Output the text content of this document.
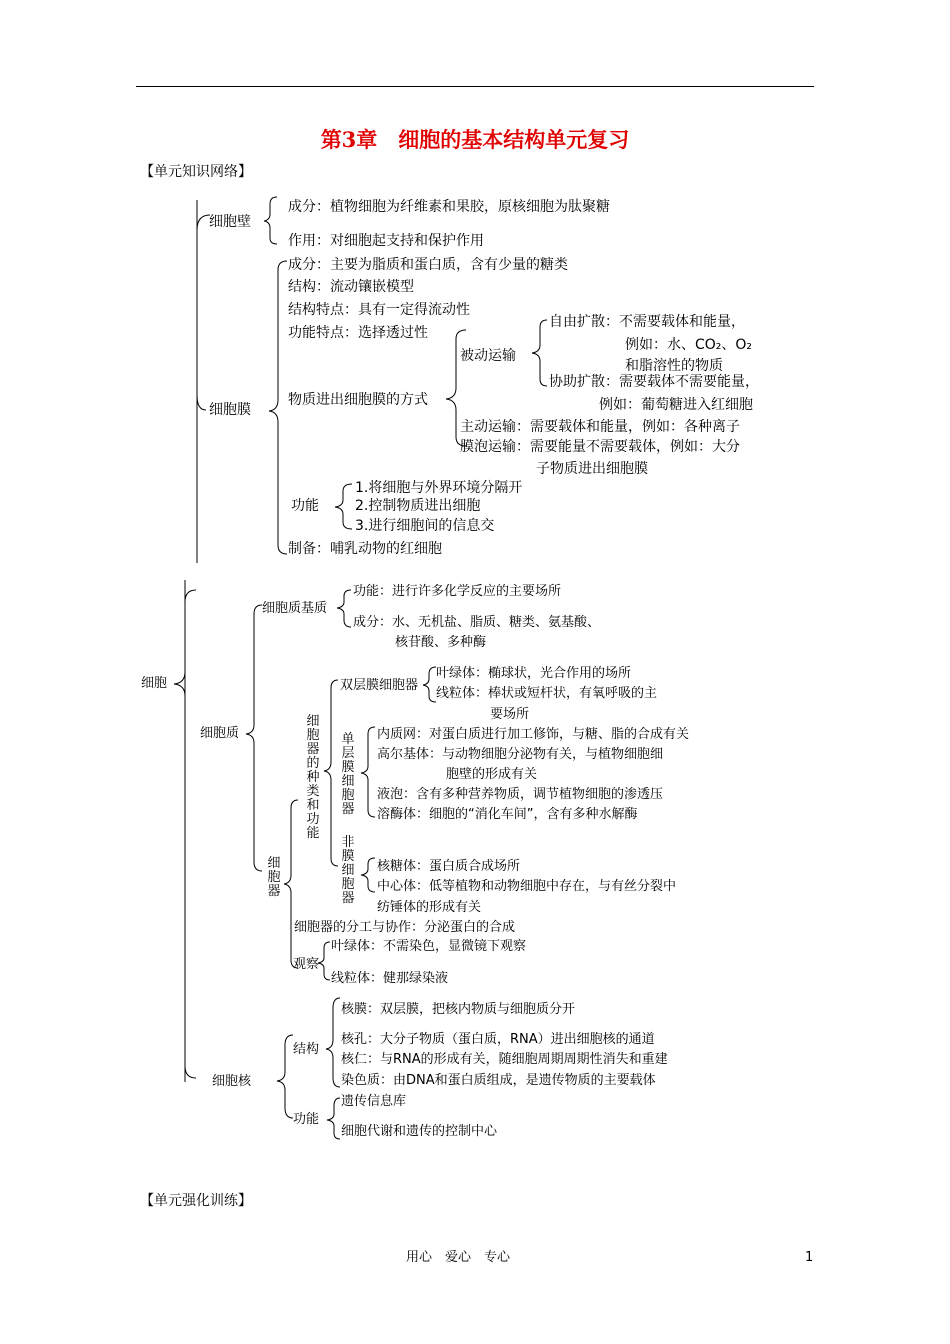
第3章　细胞的基本结构单元复习
【单元知识网络】
细胞壁
成分：植物细胞为纤维素和果胶，原核细胞为肽聚糖
作用：对细胞起支持和保护作用
细胞膜
成分：主要为脂质和蛋白质，含有少量的糖类
结构：流动镶嵌模型
结构特点：具有一定得流动性
功能特点：选择透过性
物质进出细胞膜的方式
被动运输
自由扩散：不需要载体和能量，
例如：水、CO₂、O₂
和脂溶性的物质
协助扩散：需要载体不需要能量，
例如：葡萄糖进入红细胞
主动运输：需要载体和能量，例如：各种离子
膜泡运输：需要能量不需要载体，例如：大分
子物质进出细胞膜
功能
1.将细胞与外界环境分隔开
2.控制物质进出细胞
3.进行细胞间的信息交
制备：哺乳动物的红细胞
细胞
细胞质
细胞质基质
功能：进行许多化学反应的主要场所
成分：水、无机盐、脂质、糖类、氨基酸、
核苷酸、多种酶
细胞器
细胞器的种类和功能
双层膜细胞器
叶绿体：椭球状，光合作用的场所
线粒体：棒状或短杆状，有氧呼吸的主
要场所
单层膜细胞器
内质网：对蛋白质进行加工修饰，与糖、脂的合成有关
高尔基体：与动物细胞分泌物有关，与植物细胞细
胞壁的形成有关
液泡：含有多种营养物质，调节植物细胞的渗透压
溶酶体：细胞的“消化车间”，含有多种水解酶
非膜细胞器
核糖体：蛋白质合成场所
中心体：低等植物和动物细胞中存在，与有丝分裂中
纺锤体的形成有关
细胞器的分工与协作：分泌蛋白的合成
观察
叶绿体：不需染色，显微镜下观察
线粒体：健那绿染液
细胞核
结构
核膜：双层膜，把核内物质与细胞质分开
核孔：大分子物质（蛋白质，RNA）进出细胞核的通道
核仁：与RNA的形成有关，随细胞周期周期性消失和重建
染色质：由DNA和蛋白质组成，是遗传物质的主要载体
功能
遗传信息库
细胞代谢和遗传的控制中心
【单元强化训练】
用心　爱心　专心	1
